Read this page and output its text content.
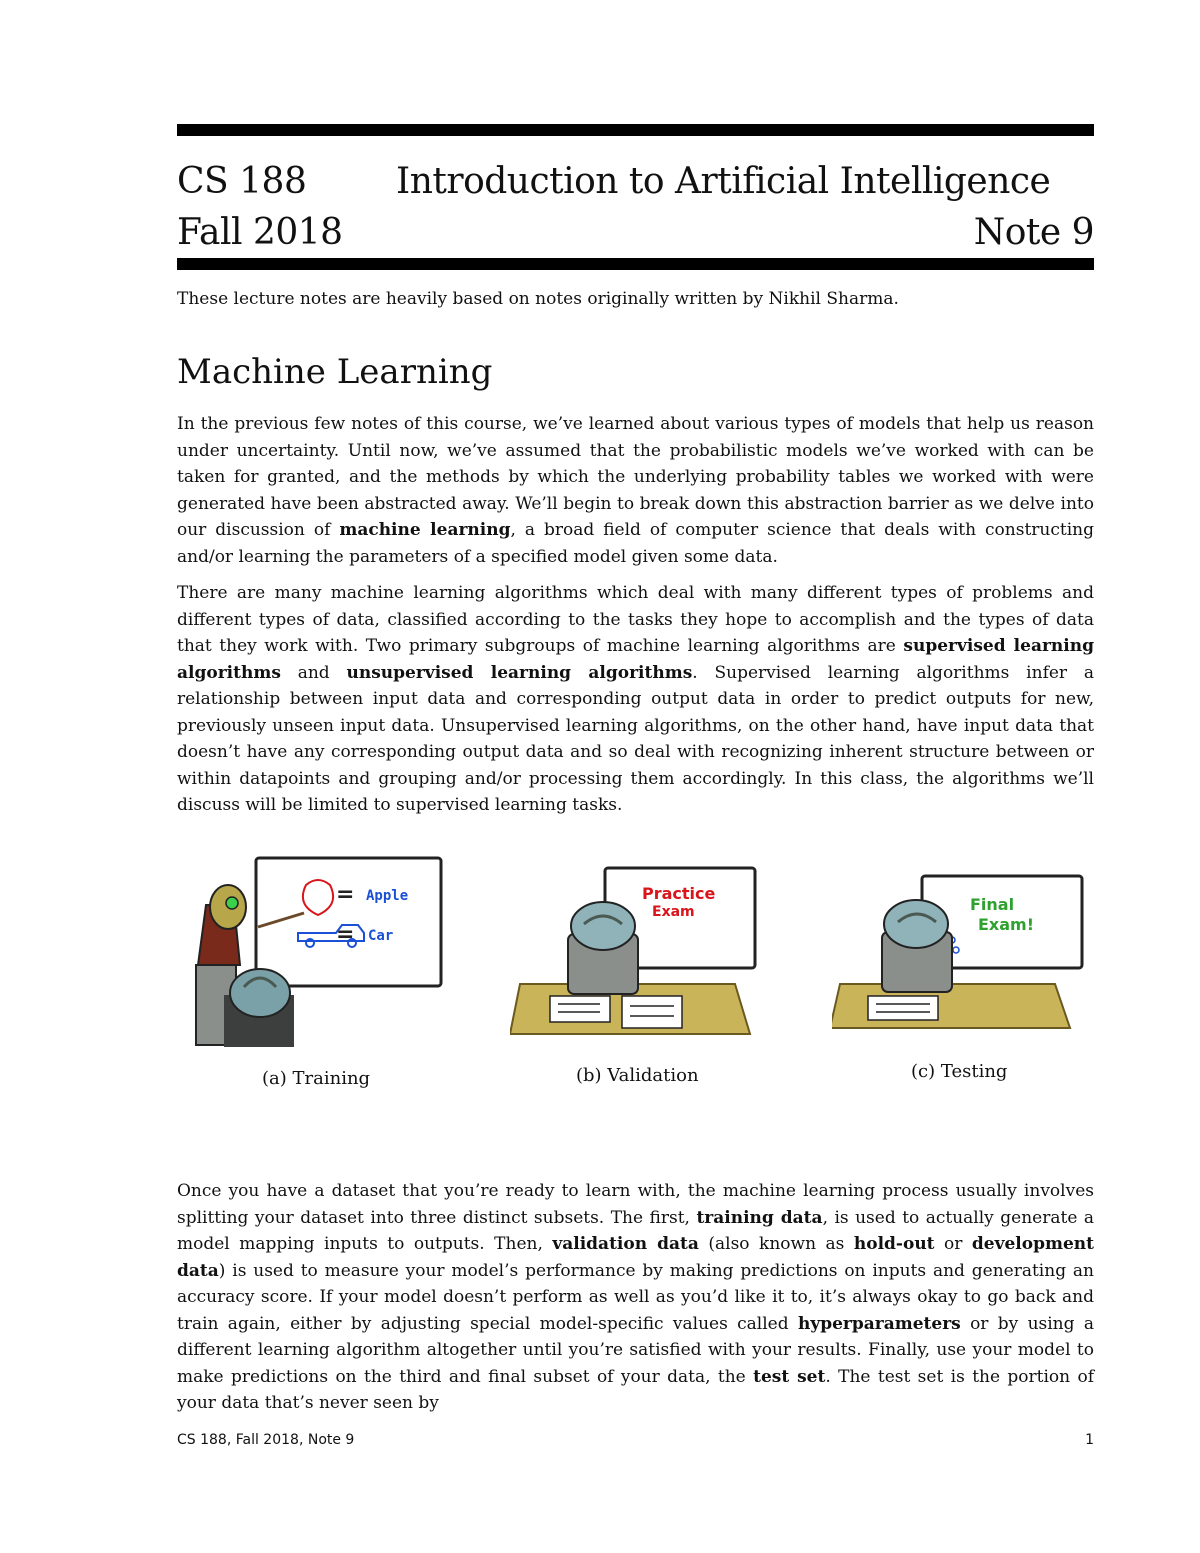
CS 188 Introduction to Artificial Intelligence
Fall 2018	Note 9

These lecture notes are heavily based on notes originally written by Nikhil Sharma.

Machine Learning

In the previous few notes of this course, we’ve learned about various types of models that help us reason under uncertainty. Until now, we’ve assumed that the probabilistic models we’ve worked with can be taken for granted, and the methods by which the underlying probability tables we worked with were generated have been abstracted away. We’ll begin to break down this abstraction barrier as we delve into our discussion of machine learning, a broad field of computer science that deals with constructing and/or learning the parameters of a specified model given some data.

There are many machine learning algorithms which deal with many different types of problems and different types of data, classified according to the tasks they hope to accomplish and the types of data that they work with. Two primary subgroups of machine learning algorithms are supervised learning algorithms and unsupervised learning algorithms. Supervised learning algorithms infer a relationship between input data and corresponding output data in order to predict outputs for new, previously unseen input data. Unsupervised learning algorithms, on the other hand, have input data that doesn’t have any corresponding output data and so deal with recognizing inherent structure between or within datapoints and grouping and/or processing them accordingly. In this class, the algorithms we’ll discuss will be limited to supervised learning tasks.

=
=
Apple
Car
(a) Training
Practice
Exam
(b) Validation
Final
Exam!
(c) Testing

Once you have a dataset that you’re ready to learn with, the machine learning process usually involves splitting your dataset into three distinct subsets. The first, training data, is used to actually generate a model mapping inputs to outputs. Then, validation data (also known as hold-out or development data) is used to measure your model’s performance by making predictions on inputs and generating an accuracy score. If your model doesn’t perform as well as you’d like it to, it’s always okay to go back and train again, either by adjusting special model-specific values called hyperparameters or by using a different learning algorithm altogether until you’re satisfied with your results. Finally, use your model to make predictions on the third and final subset of your data, the test set. The test set is the portion of your data that’s never seen by

CS 188, Fall 2018, Note 9	1
